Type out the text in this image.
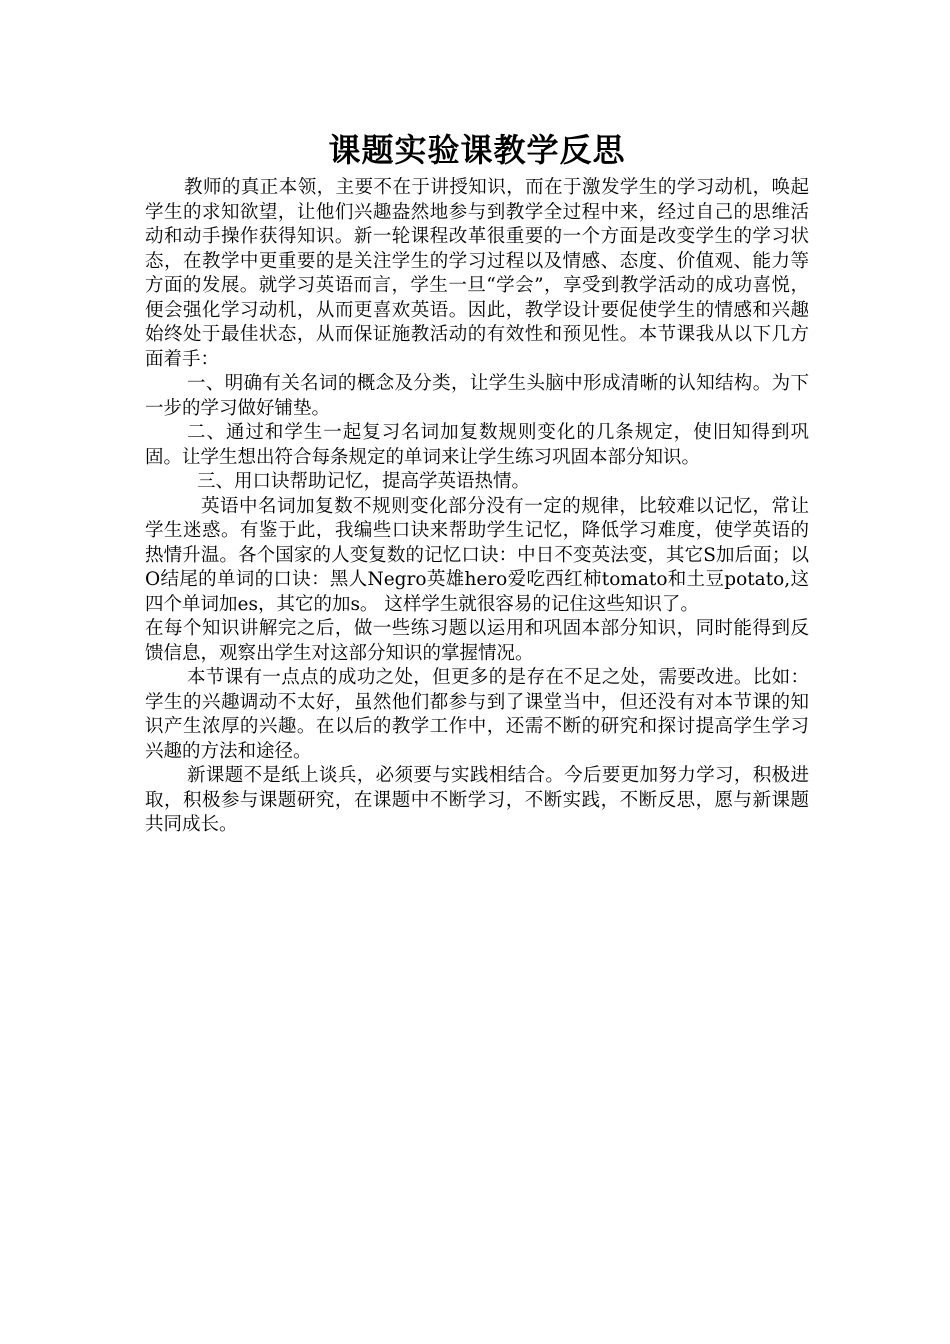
课题实验课教学反思

教师的真正本领，主要不在于讲授知识，而在于激发学生的学习动机，唤起学生的求知欲望，让他们兴趣盎然地参与到教学全过程中来，经过自己的思维活动和动手操作获得知识。新一轮课程改革很重要的一个方面是改变学生的学习状态，在教学中更重要的是关注学生的学习过程以及情感、态度、价值观、能力等方面的发展。就学习英语而言，学生一旦“学会”，享受到教学活动的成功喜悦，便会强化学习动机，从而更喜欢英语。因此，教学设计要促使学生的情感和兴趣始终处于最佳状态，从而保证施教活动的有效性和预见性。本节课我从以下几方面着手：

一、明确有关名词的概念及分类，让学生头脑中形成清晰的认知结构。为下一步的学习做好铺垫。

二、通过和学生一起复习名词加复数规则变化的几条规定，使旧知得到巩固。让学生想出符合每条规定的单词来让学生练习巩固本部分知识。

三、用口诀帮助记忆，提高学英语热情。

英语中名词加复数不规则变化部分没有一定的规律，比较难以记忆，常让学生迷惑。有鉴于此，我编些口诀来帮助学生记忆，降低学习难度，使学英语的热情升温。各个国家的人变复数的记忆口诀：中日不变英法变，其它S加后面；以O结尾的单词的口诀：黑人Negro英雄hero爱吃西红柿tomato和土豆potato,这四个单词加es，其它的加s。 这样学生就很容易的记住这些知识了。

在每个知识讲解完之后，做一些练习题以运用和巩固本部分知识，同时能得到反馈信息，观察出学生对这部分知识的掌握情况。

本节课有一点点的成功之处，但更多的是存在不足之处，需要改进。比如：学生的兴趣调动不太好，虽然他们都参与到了课堂当中，但还没有对本节课的知识产生浓厚的兴趣。在以后的教学工作中，还需不断的研究和探讨提高学生学习兴趣的方法和途径。

新课题不是纸上谈兵，必须要与实践相结合。今后要更加努力学习，积极进取，积极参与课题研究，在课题中不断学习，不断实践，不断反思，愿与新课题共同成长。
